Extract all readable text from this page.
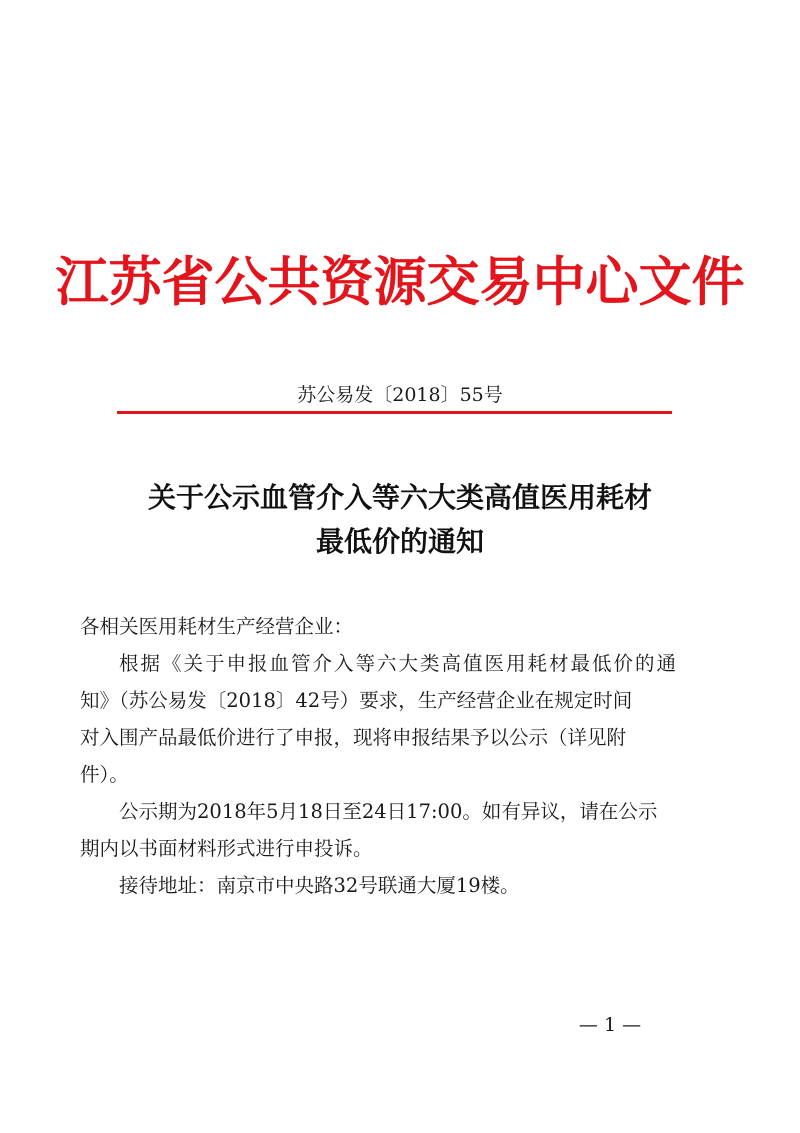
江苏省公共资源交易中心文件
苏公易发〔2018〕55号
关于公示血管介入等六大类高值医用耗材
最低价的通知
各相关医用耗材生产经营企业：
根据《关于申报血管介入等六大类高值医用耗材最低价的通
知》（苏公易发〔2018〕42号）要求，生产经营企业在规定时间
对入围产品最低价进行了申报，现将申报结果予以公示（详见附
件）。
公示期为2018年5月18日至24日17:00。如有异议，请在公示
期内以书面材料形式进行申投诉。
接待地址：南京市中央路32号联通大厦19楼。
— 1 —
